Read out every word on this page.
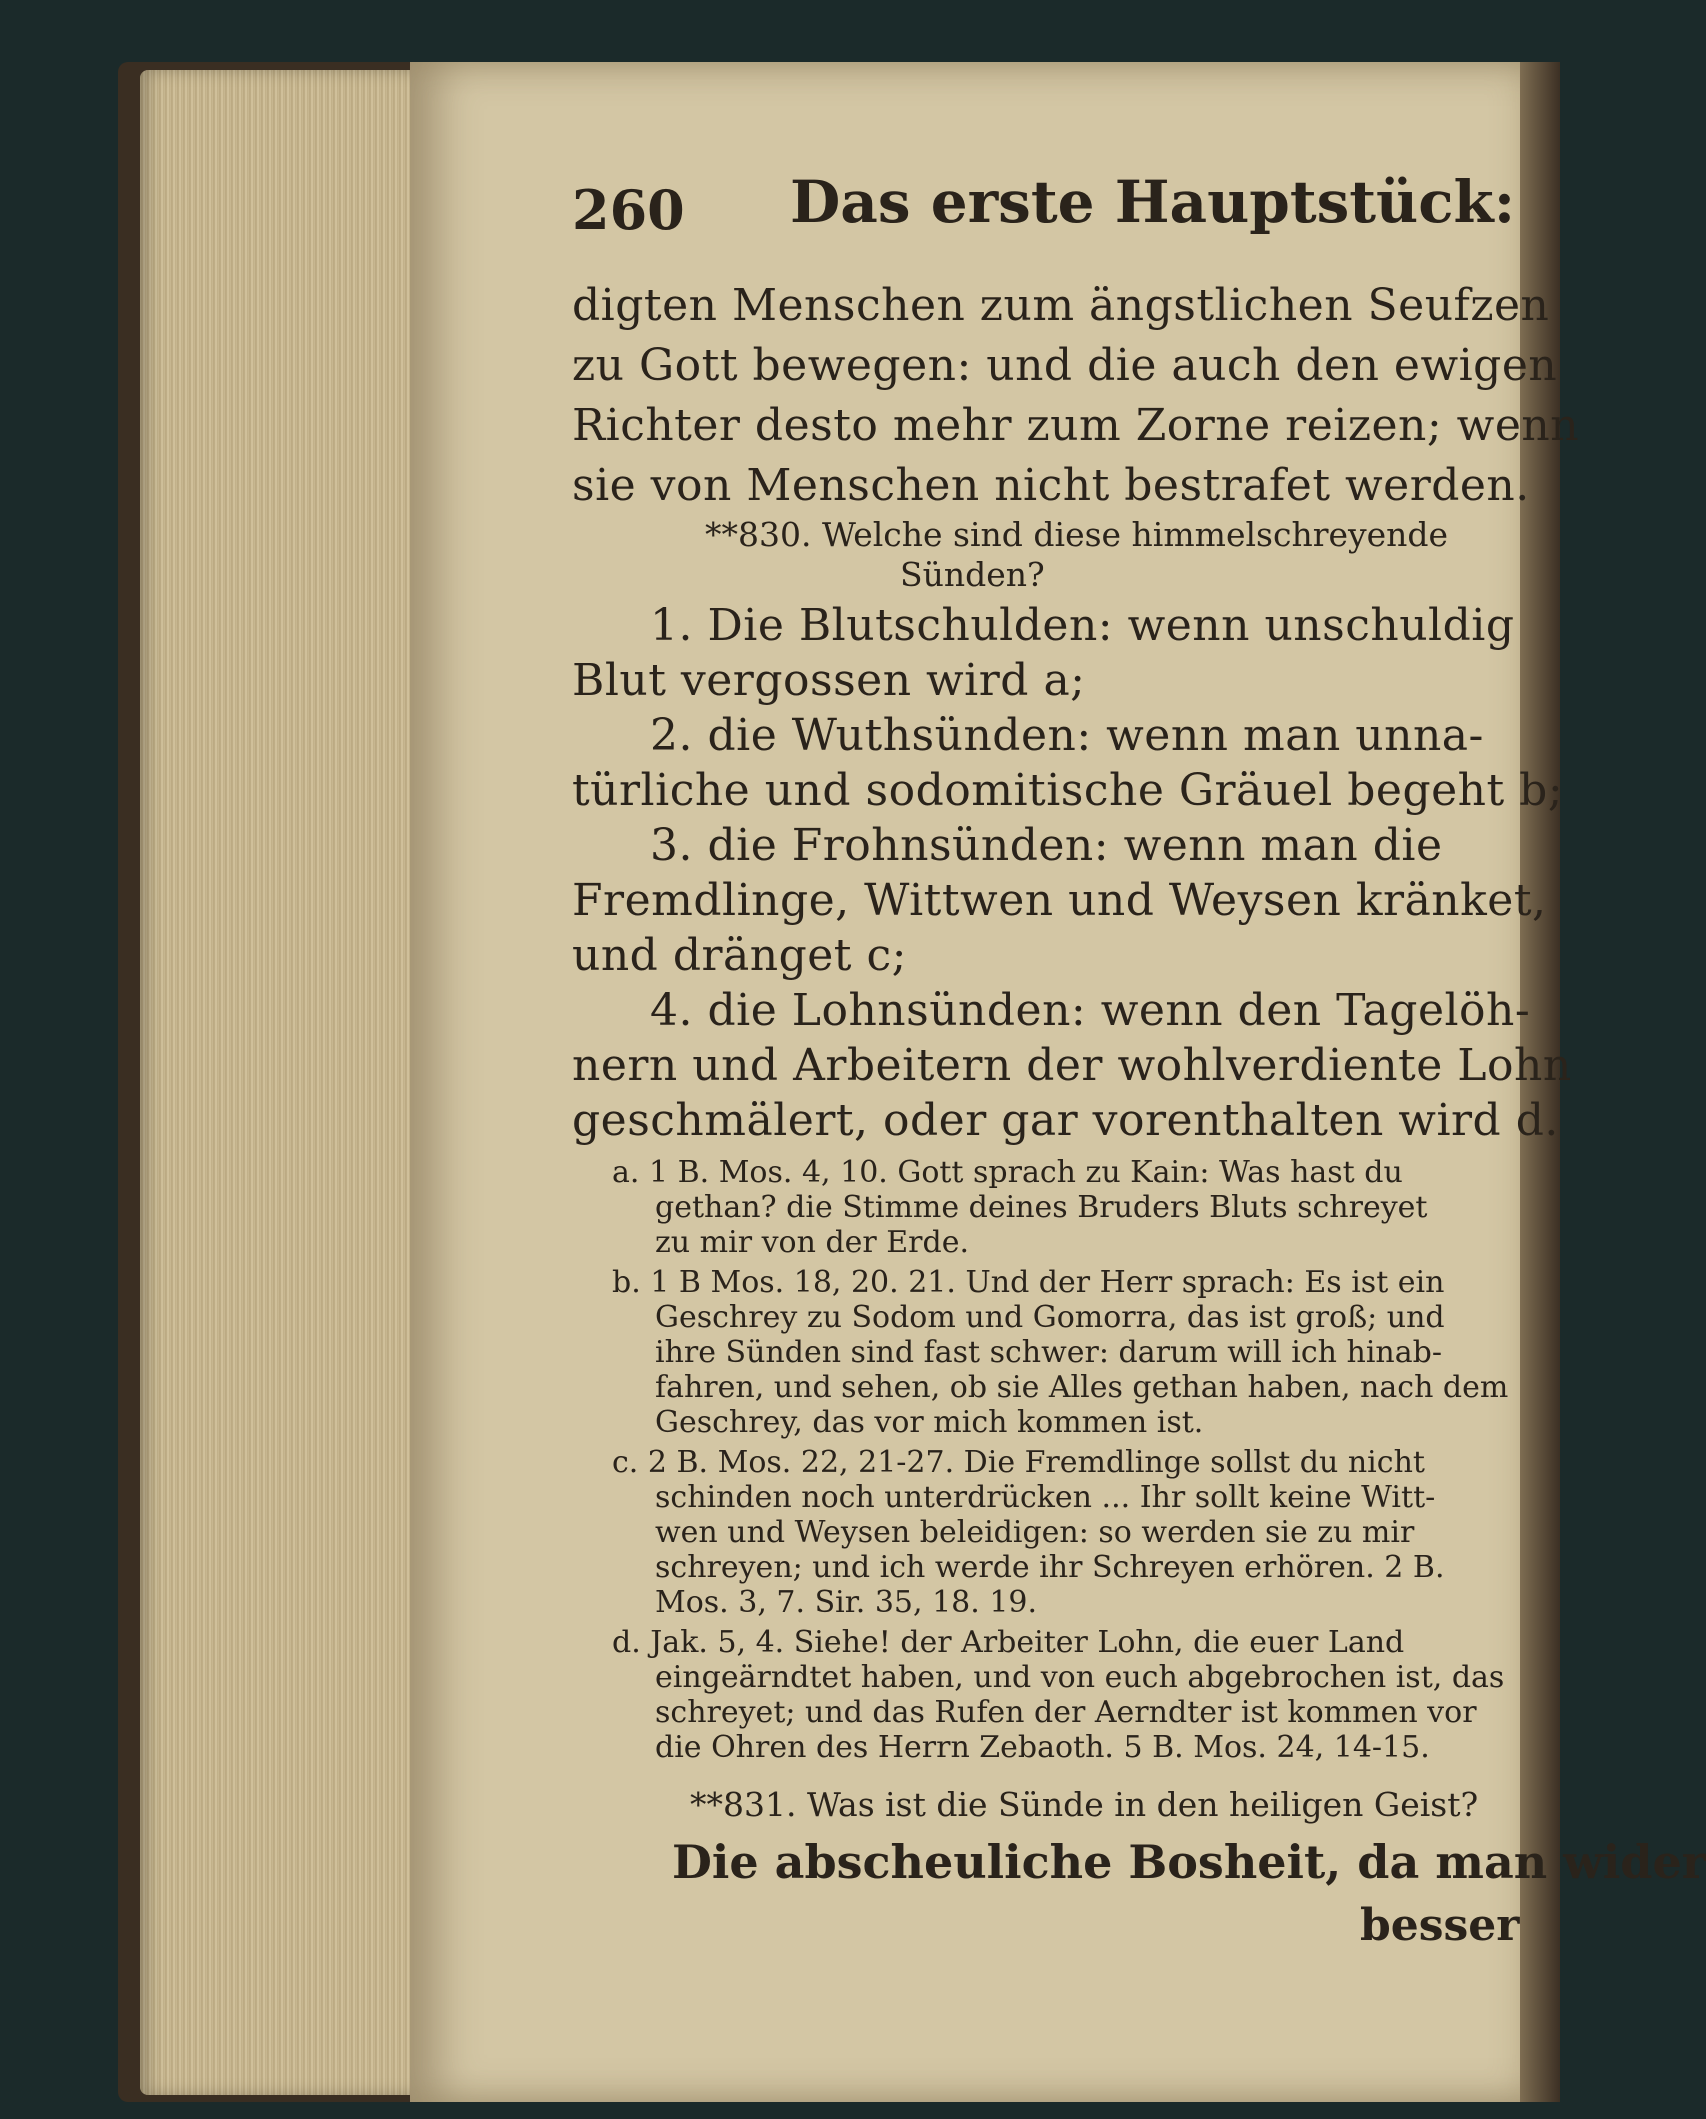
260 Das erste Hauptstück:
digten Menschen zum ängstlichen Seufzen
zu Gott bewegen: und die auch den ewigen
Richter desto mehr zum Zorne reizen; wenn
sie von Menschen nicht bestrafet werden.
**830. Welche sind diese himmelschreyende
Sünden?
1. Die Blutschulden: wenn unschuldig
Blut vergossen wird a;
2. die Wuthsünden: wenn man unna-
türliche und sodomitische Gräuel begeht b;
3. die Frohnsünden: wenn man die
Fremdlinge, Wittwen und Weysen kränket,
und dränget c;
4. die Lohnsünden: wenn den Tagelöh-
nern und Arbeitern der wohlverdiente Lohn
geschmälert, oder gar vorenthalten wird d.
a. 1 B. Mos. 4, 10. Gott sprach zu Kain: Was hast du
gethan? die Stimme deines Bruders Bluts schreyet
zu mir von der Erde.
b. 1 B Mos. 18, 20. 21. Und der Herr sprach: Es ist ein
Geschrey zu Sodom und Gomorra, das ist groß; und
ihre Sünden sind fast schwer: darum will ich hinab-
fahren, und sehen, ob sie Alles gethan haben, nach dem
Geschrey, das vor mich kommen ist.
c. 2 B. Mos. 22, 21-27. Die Fremdlinge sollst du nicht
schinden noch unterdrücken ... Ihr sollt keine Witt-
wen und Weysen beleidigen: so werden sie zu mir
schreyen; und ich werde ihr Schreyen erhören. 2 B.
Mos. 3, 7. Sir. 35, 18. 19.
d. Jak. 5, 4. Siehe! der Arbeiter Lohn, die euer Land
eingeärndtet haben, und von euch abgebrochen ist, das
schreyet; und das Rufen der Aerndter ist kommen vor
die Ohren des Herrn Zebaoth. 5 B. Mos. 24, 14-15.
**831. Was ist die Sünde in den heiligen Geist?
Die abscheuliche Bosheit, da man wider
besser
